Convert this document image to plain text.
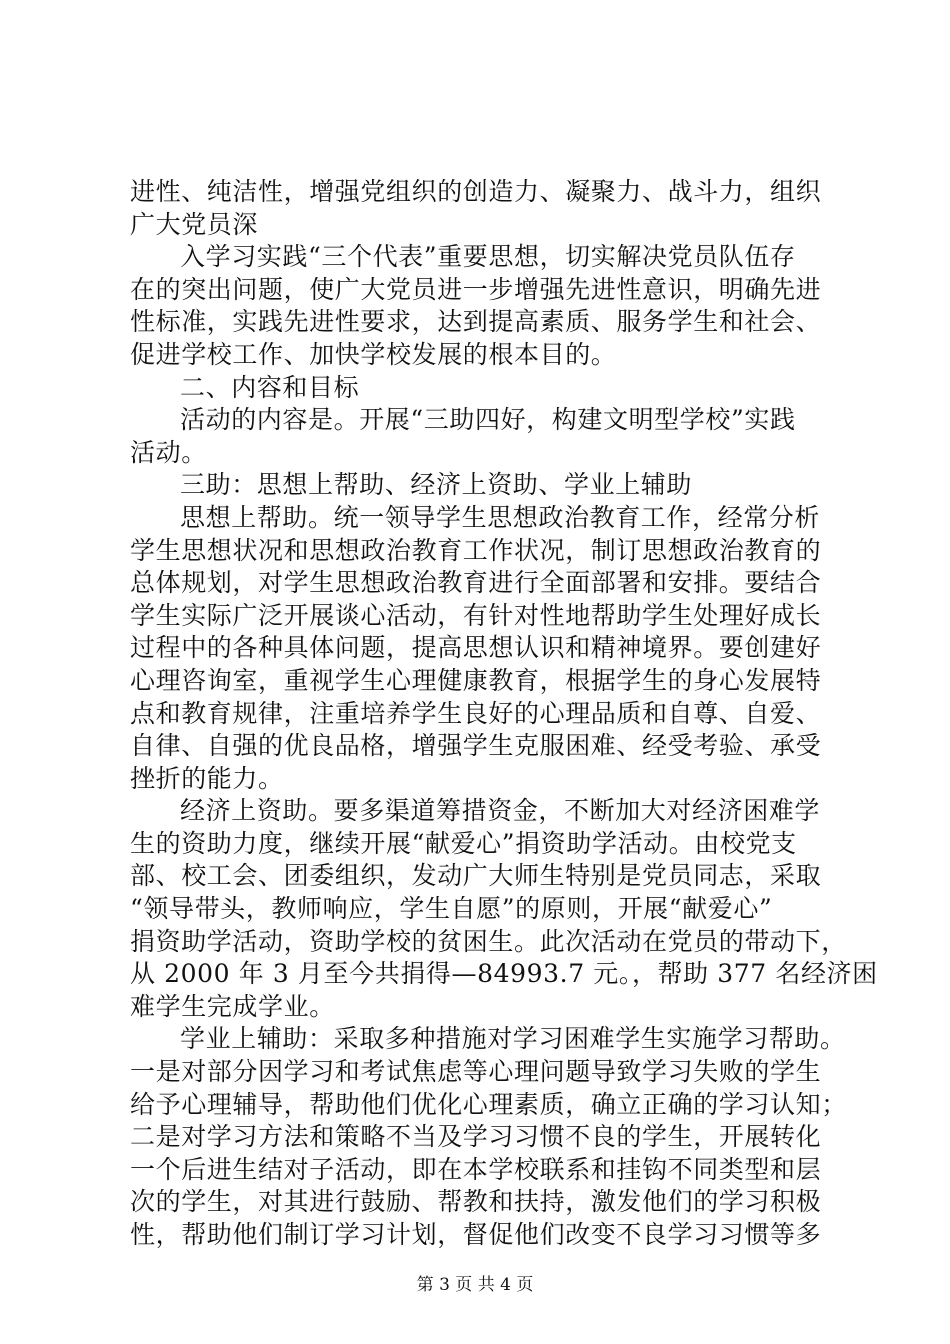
进性、纯洁性，增强党组织的创造力、凝聚力、战斗力，组织
广大党员深
入学习实践“三个代表”重要思想，切实解决党员队伍存
在的突出问题，使广大党员进一步增强先进性意识，明确先进
性标准，实践先进性要求，达到提高素质、服务学生和社会、
促进学校工作、加快学校发展的根本目的。
二、内容和目标
活动的内容是。开展“三助四好，构建文明型学校”实践
活动。
三助：思想上帮助、经济上资助、学业上辅助
思想上帮助。统一领导学生思想政治教育工作，经常分析
学生思想状况和思想政治教育工作状况，制订思想政治教育的
总体规划，对学生思想政治教育进行全面部署和安排。要结合
学生实际广泛开展谈心活动，有针对性地帮助学生处理好成长
过程中的各种具体问题，提高思想认识和精神境界。要创建好
心理咨询室，重视学生心理健康教育，根据学生的身心发展特
点和教育规律，注重培养学生良好的心理品质和自尊、自爱、
自律、自强的优良品格，增强学生克服困难、经受考验、承受
挫折的能力。
经济上资助。要多渠道筹措资金，不断加大对经济困难学
生的资助力度，继续开展“献爱心”捐资助学活动。由校党支
部、校工会、团委组织，发动广大师生特别是党员同志，采取
“领导带头，教师响应，学生自愿”的原则，开展“献爱心”
捐资助学活动，资助学校的贫困生。此次活动在党员的带动下，
从 2000 年 3 月至今共捐得—84993.7 元。，帮助 377 名经济困
难学生完成学业。
学业上辅助：采取多种措施对学习困难学生实施学习帮助。
一是对部分因学习和考试焦虑等心理问题导致学习失败的学生
给予心理辅导，帮助他们优化心理素质，确立正确的学习认知；
二是对学习方法和策略不当及学习习惯不良的学生，开展转化
一个后进生结对子活动，即在本学校联系和挂钩不同类型和层
次的学生，对其进行鼓励、帮教和扶持，激发他们的学习积极
性，帮助他们制订学习计划，督促他们改变不良学习习惯等多
第 3 页 共 4 页
